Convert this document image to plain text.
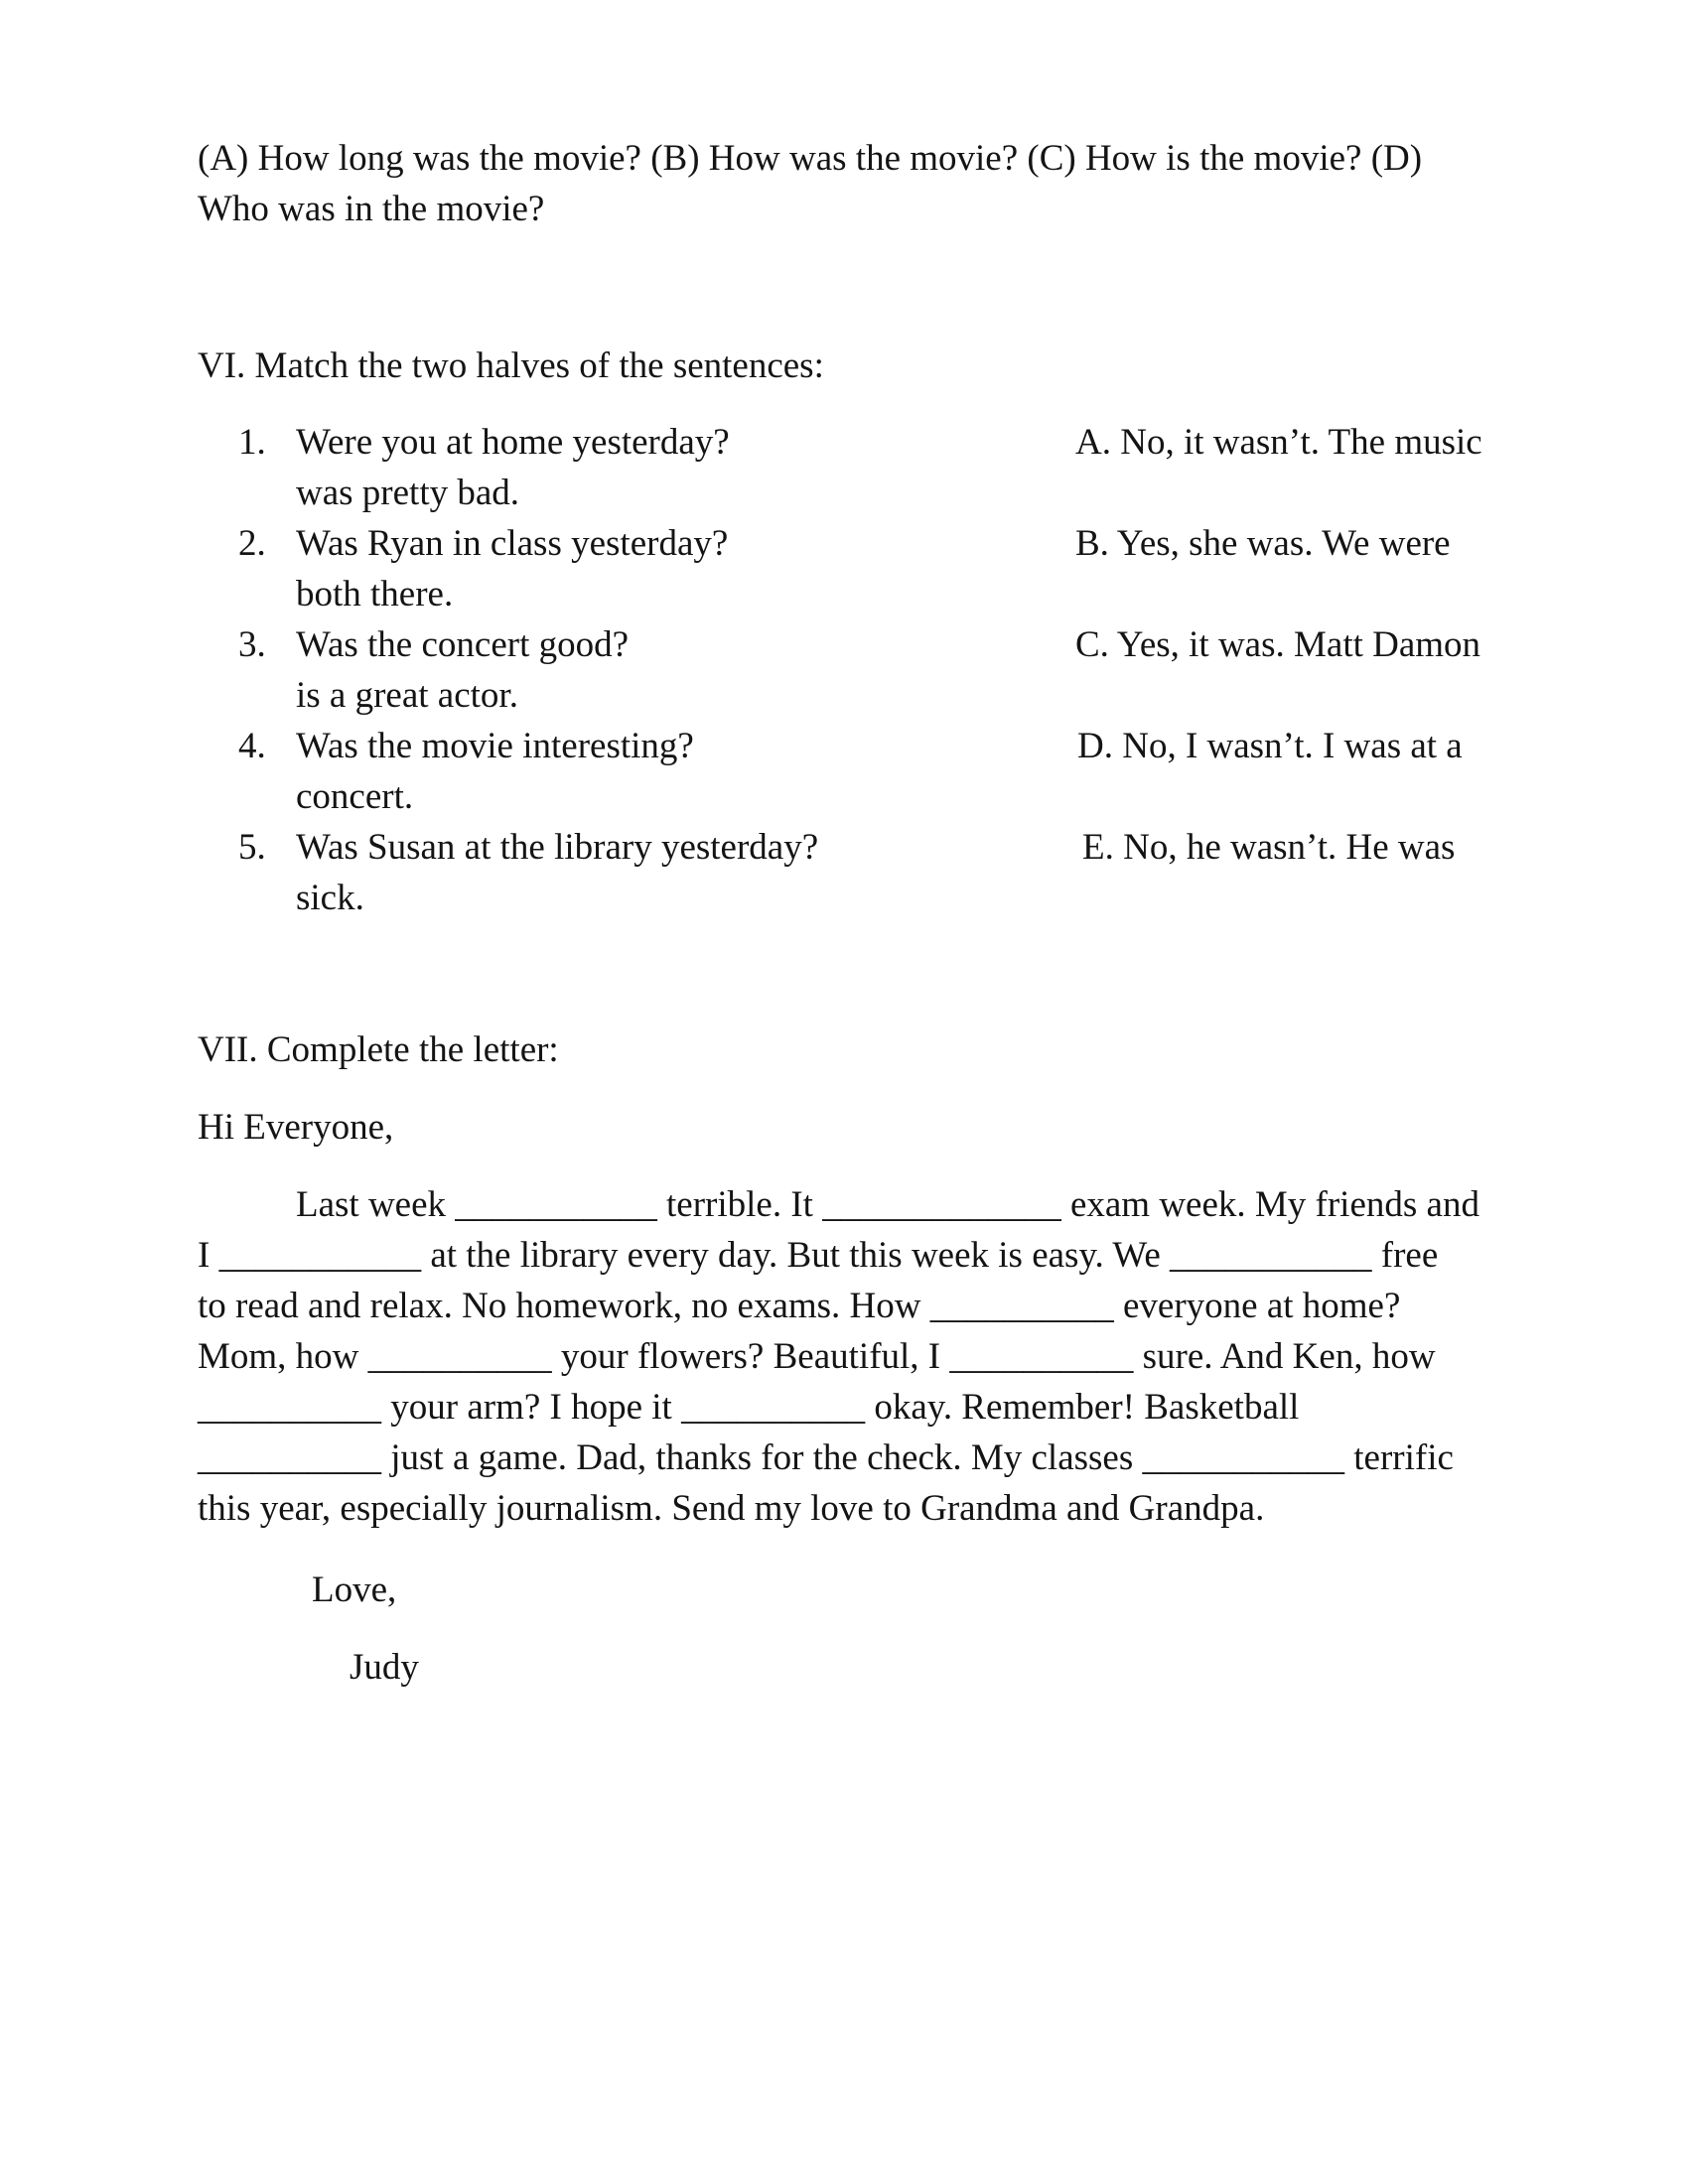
(A) How long was the movie? (B) How was the movie? (C) How is the movie? (D)

Who was in the movie?

VI. Match the two halves of the sentences:

1. Were you at home yesterday?	A. No, it wasn’t. The music

was pretty bad.

2. Was Ryan in class yesterday?	B. Yes, she was. We were

both there.

3. Was the concert good?	C. Yes, it was. Matt Damon

is a great actor.

4. Was the movie interesting?	D. No, I wasn’t. I was at a

concert.

5. Was Susan at the library yesterday?	E. No, he wasn’t. He was

sick.

VII. Complete the letter:

Hi Everyone,

Last week ___________ terrible. It _____________ exam week. My friends and
I ___________ at the library every day. But this week is easy. We ___________ free
to read and relax. No homework, no exams. How __________ everyone at home?
Mom, how __________ your flowers? Beautiful, I __________ sure. And Ken, how
__________ your arm? I hope it __________ okay. Remember! Basketball
__________ just a game. Dad, thanks for the check. My classes ___________ terrific
this year, especially journalism. Send my love to Grandma and Grandpa.

Love,

Judy
